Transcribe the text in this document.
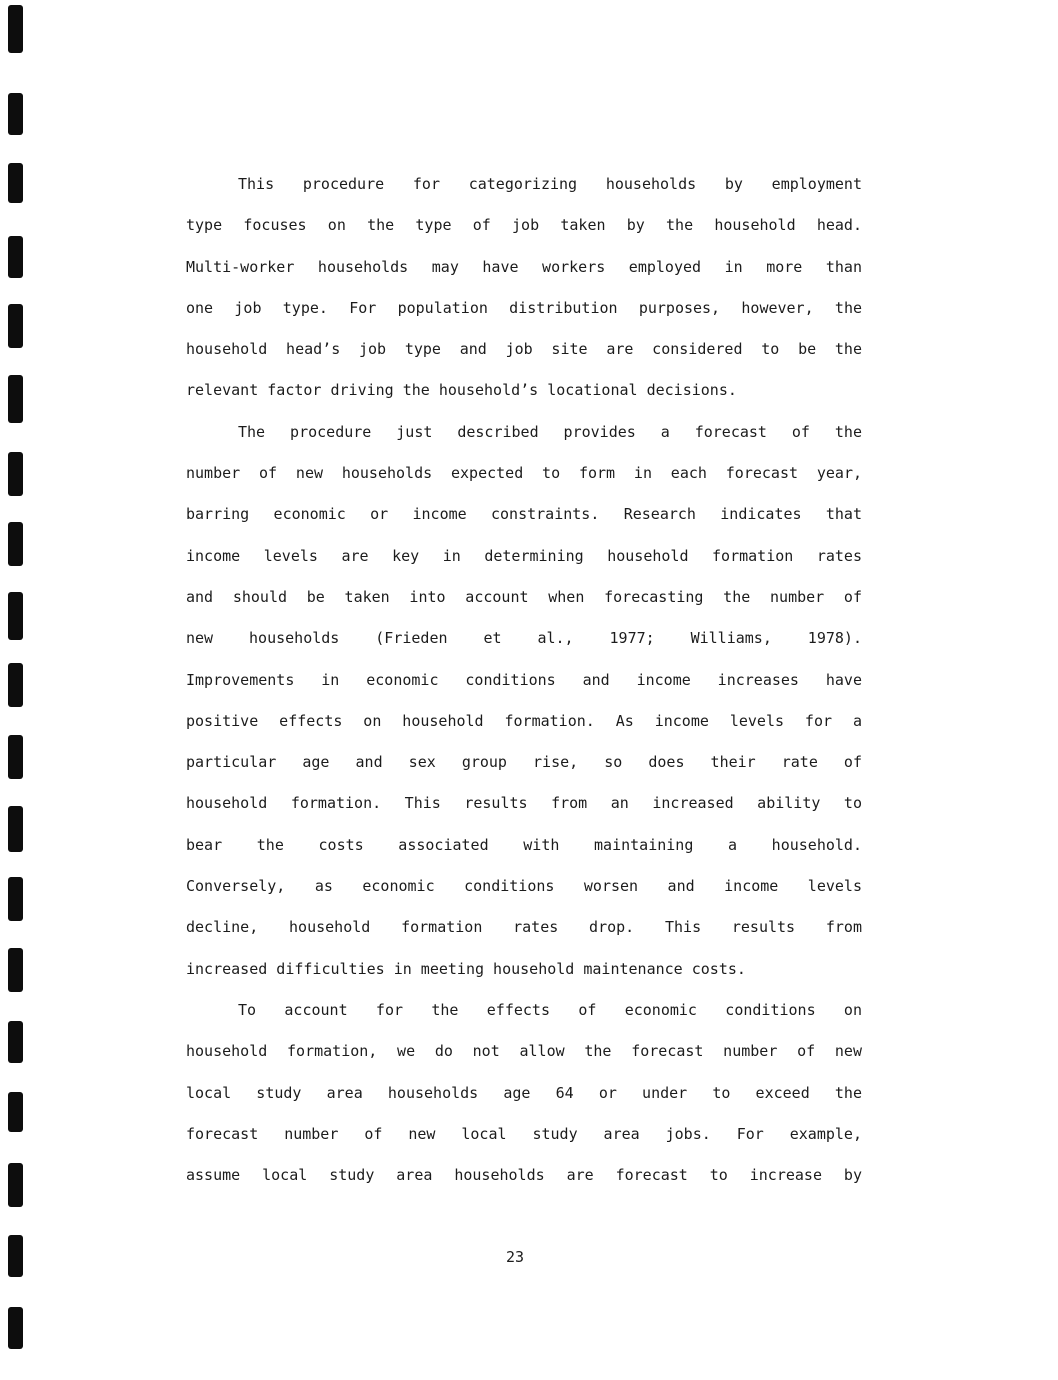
This procedure for categorizing households by employment
type focuses on the type of job taken by the household head.
Multi-worker households may have workers employed in more than
one job type. For population distribution purposes, however, the
household head’s job type and job site are considered to be the
relevant factor driving the household’s locational decisions.
The procedure just described provides a forecast of the
number of new households expected to form in each forecast year,
barring economic or income constraints. Research indicates that
income levels are key in determining household formation rates
and should be taken into account when forecasting the number of
new households (Frieden et al., 1977; Williams, 1978).
Improvements in economic conditions and income increases have
positive effects on household formation. As income levels for a
particular age and sex group rise, so does their rate of
household formation. This results from an increased ability to
bear the costs associated with maintaining a household.
Conversely, as economic conditions worsen and income levels
decline, household formation rates drop. This results from
increased difficulties in meeting household maintenance costs.
To account for the effects of economic conditions on
household formation, we do not allow the forecast number of new
local study area households age 64 or under to exceed the
forecast number of new local study area jobs. For example,
assume local study area households are forecast to increase by
23
